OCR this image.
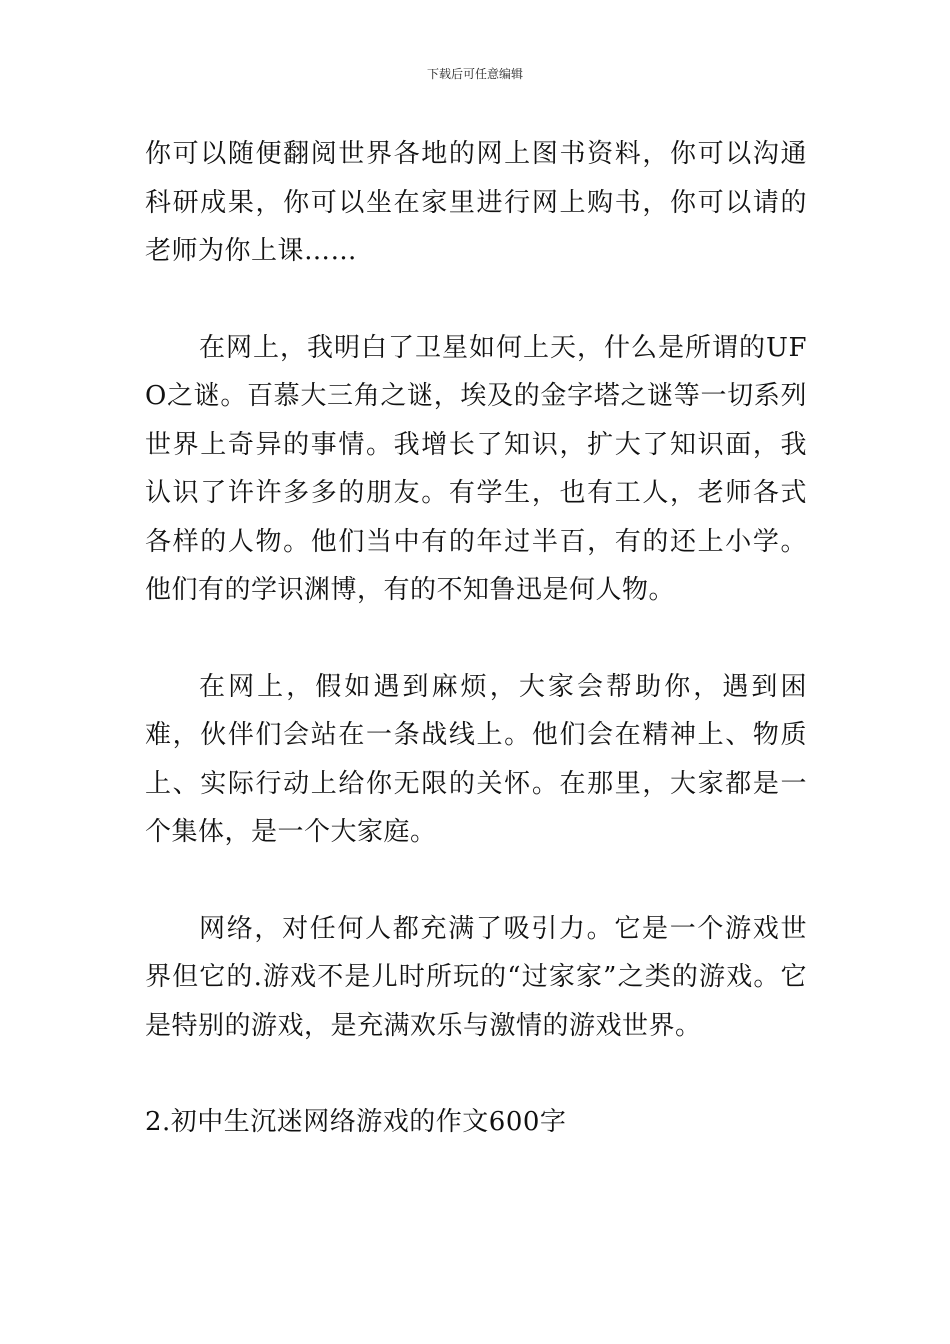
下载后可任意编辑

你可以随便翻阅世界各地的网上图书资料，你可以沟通科研成果，你可以坐在家里进行网上购书，你可以请的老师为你上课……

在网上，我明白了卫星如何上天，什么是所谓的UFO之谜。百慕大三角之谜，埃及的金字塔之谜等一切系列世界上奇异的事情。我增长了知识，扩大了知识面，我认识了许许多多的朋友。有学生，也有工人，老师各式各样的人物。他们当中有的年过半百，有的还上小学。他们有的学识渊博，有的不知鲁迅是何人物。

在网上，假如遇到麻烦，大家会帮助你，遇到困难，伙伴们会站在一条战线上。他们会在精神上、物质上、实际行动上给你无限的关怀。在那里，大家都是一个集体，是一个大家庭。

网络，对任何人都充满了吸引力。它是一个游戏世界但它的.游戏不是儿时所玩的“过家家”之类的游戏。它是特别的游戏，是充满欢乐与激情的游戏世界。

2.初中生沉迷网络游戏的作文600字
